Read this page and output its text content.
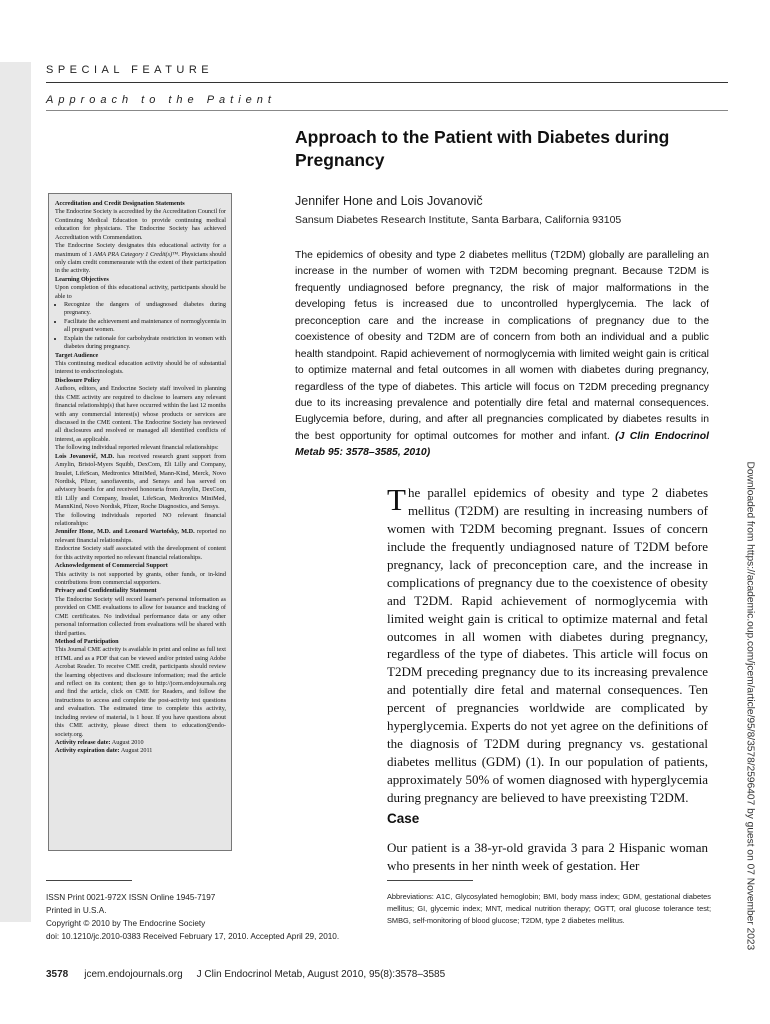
SPECIAL FEATURE
Approach to the Patient
Approach to the Patient with Diabetes during Pregnancy
Jennifer Hone and Lois Jovanovič
Sansum Diabetes Research Institute, Santa Barbara, California 93105

The epidemics of obesity and type 2 diabetes mellitus (T2DM) globally are paralleling an increase in the number of women with T2DM becoming pregnant. Because T2DM is frequently undiagnosed before pregnancy, the risk of major malformations in the developing fetus is increased due to uncontrolled hyperglycemia. The lack of preconception care and the increase in complications of pregnancy due to the coexistence of obesity and T2DM are of concern from both an individual and a public health standpoint. Rapid achievement of normoglycemia with limited weight gain is critical to optimize maternal and fetal outcomes in all women with diabetes during pregnancy, regardless of the type of diabetes. This article will focus on T2DM preceding pregnancy due to its increasing prevalence and potentially dire fetal and maternal consequences. Euglycemia before, during, and after all pregnancies complicated by diabetes results in the best opportunity for optimal outcomes for mother and infant. (J Clin Endocrinol Metab 95: 3578–3585, 2010)

Accreditation and Credit Designation Statements

The Endocrine Society is accredited by the Accreditation Council for Continuing Medical Education to provide continuing medical education for physicians. The Endocrine Society has achieved Accreditation with Commendation.

The Endocrine Society designates this educational activity for a maximum of 1 AMA PRA Category 1 Credit(s)™. Physicians should only claim credit commensurate with the extent of their participation in the activity.

Learning Objectives

Upon completion of this educational activity, participants should be able to

• Recognize the dangers of undiagnosed diabetes during pregnancy.
• Facilitate the achievement and maintenance of normoglycemia in all pregnant women.
• Explain the rationale for carbohydrate restriction in women with diabetes during pregnancy.
Target Audience

This continuing medical education activity should be of substantial interest to endocrinologists.

Disclosure Policy

Authors, editors, and Endocrine Society staff involved in planning this CME activity are required to disclose to learners any relevant financial relationship(s) that have occurred within the last 12 months with any commercial interest(s) whose products or services are discussed in the CME content. The Endocrine Society has reviewed all disclosures and resolved or managed all identified conflicts of interest, as applicable.

The following individual reported relevant financial relationships:

Lois Jovanovič, M.D. has received research grant support from Amylin, Bristol-Myers Squibb, DexCom, Eli Lilly and Company, Insulet, LifeScan, Medtronics MiniMed, Mann-Kind, Merck, Novo Nordisk, Pfizer, sanofiaventis, and Sensys and has served on advisory boards for and received honoraria from Amylin, DexCom, Eli Lilly and Company, Insulet, LifeScan, Medtronics MiniMed, MannKind, Novo Nordisk, Pfizer, Roche Diagnostics, and Sensys.

The following individuals reported NO relevant financial relationships:

Jennifer Hone, M.D. and Leonard Wartofsky, M.D. reported no relevant financial relationships.

Endocrine Society staff associated with the development of content for this activity reported no relevant financial relationships.

Acknowledgement of Commercial Support

This activity is not supported by grants, other funds, or in-kind contributions from commercial supporters.

Privacy and Confidentiality Statement

The Endocrine Society will record learner's personal information as provided on CME evaluations to allow for issuance and tracking of CME certificates. No individual performance data or any other personal information collected from evaluations will be shared with third parties.

Method of Participation

This Journal CME activity is available in print and online as full text HTML and as a PDF that can be viewed and/or printed using Adobe Acrobat Reader. To receive CME credit, participants should review the learning objectives and disclosure information; read the article and reflect on its content; then go to http://jcem.endojournals.org and find the article, click on CME for Readers, and follow the instructions to access and complete the post-activity test questions and evaluation. The estimated time to complete this activity, including review of material, is 1 hour. If you have questions about this CME activity, please direct them to education@endo-society.org.

Activity release date: August 2010

Activity expiration date: August 2011

The parallel epidemics of obesity and type 2 diabetes mellitus (T2DM) are resulting in increasing numbers of women with T2DM becoming pregnant. Issues of concern include the frequently undiagnosed nature of T2DM before pregnancy, lack of preconception care, and the increase in complications of pregnancy due to the coexistence of obesity and T2DM. Rapid achievement of normoglycemia with limited weight gain is critical to optimize maternal and fetal outcomes in all women with diabetes during pregnancy, regardless of the type of diabetes. This article will focus on T2DM preceding pregnancy due to its increasing prevalence and potentially dire fetal and maternal consequences. Ten percent of pregnancies worldwide are complicated by hyperglycemia. Experts do not yet agree on the definitions of the diagnosis of T2DM during pregnancy vs. gestational diabetes mellitus (GDM) (1). In our population of patients, approximately 50% of women diagnosed with hyperglycemia during pregnancy are believed to have preexisting T2DM.

Case

Our patient is a 38-yr-old gravida 3 para 2 Hispanic woman who presents in her ninth week of gestation. Her

ISSN Print 0021-972X ISSN Online 1945-7197
Printed in U.S.A.
Copyright © 2010 by The Endocrine Society
doi: 10.1210/jc.2010-0383 Received February 17, 2010. Accepted April 29, 2010.

Abbreviations: A1C, Glycosylated hemoglobin; BMI, body mass index; GDM, gestational diabetes mellitus; GI, glycemic index; MNT, medical nutrition therapy; OGTT, oral glucose tolerance test; SMBG, self-monitoring of blood glucose; T2DM, type 2 diabetes mellitus.

3578 jcem.endojournals.org J Clin Endocrinol Metab, August 2010, 95(8):3578–3585
Downloaded from https://academic.oup.com/jcem/article/95/8/3578/2596407 by guest on 07 November 2023
